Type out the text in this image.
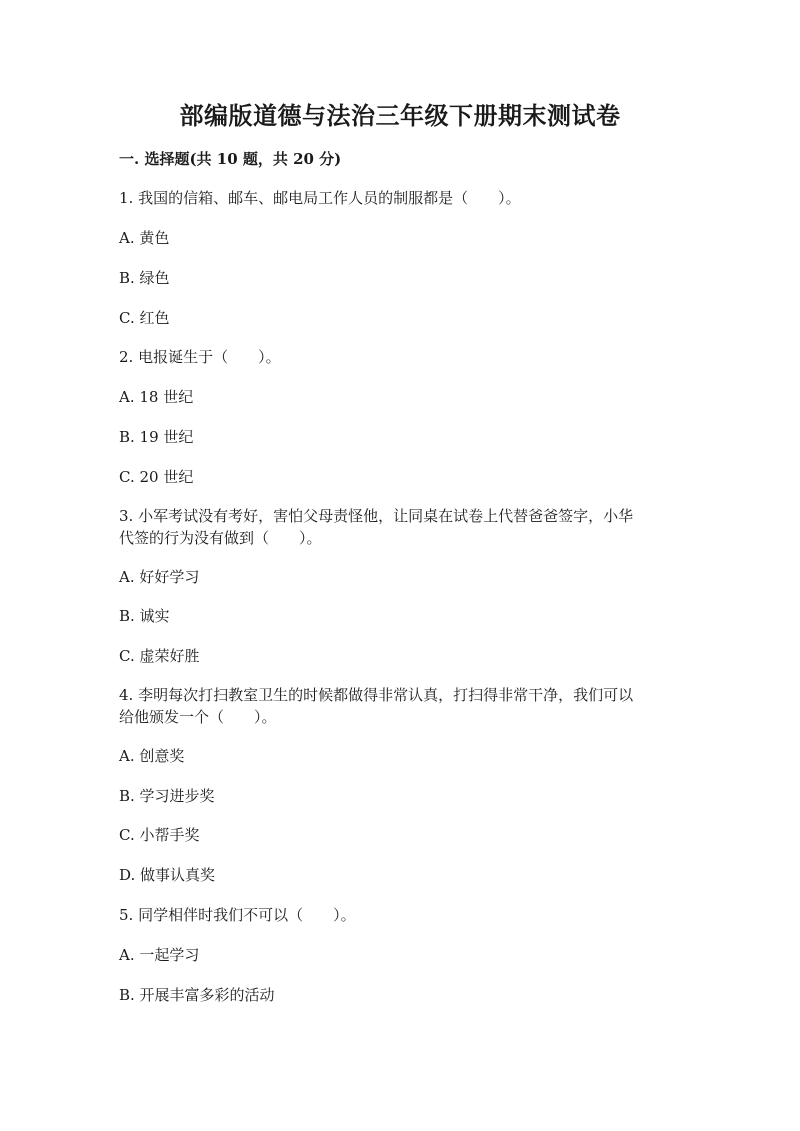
部编版道德与法治三年级下册期末测试卷
一. 选择题(共 10 题，共 20 分)
1. 我国的信箱、邮车、邮电局工作人员的制服都是（　　）。
A. 黄色
B. 绿色
C. 红色
2. 电报诞生于（　　）。
A. 18 世纪
B. 19 世纪
C. 20 世纪
3. 小军考试没有考好，害怕父母责怪他，让同桌在试卷上代替爸爸签字，小华
代签的行为没有做到（　　）。
A. 好好学习
B. 诚实
C. 虚荣好胜
4. 李明每次打扫教室卫生的时候都做得非常认真，打扫得非常干净，我们可以
给他颁发一个（　　）。
A. 创意奖
B. 学习进步奖
C. 小帮手奖
D. 做事认真奖
5. 同学相伴时我们不可以（　　）。
A. 一起学习
B. 开展丰富多彩的活动
